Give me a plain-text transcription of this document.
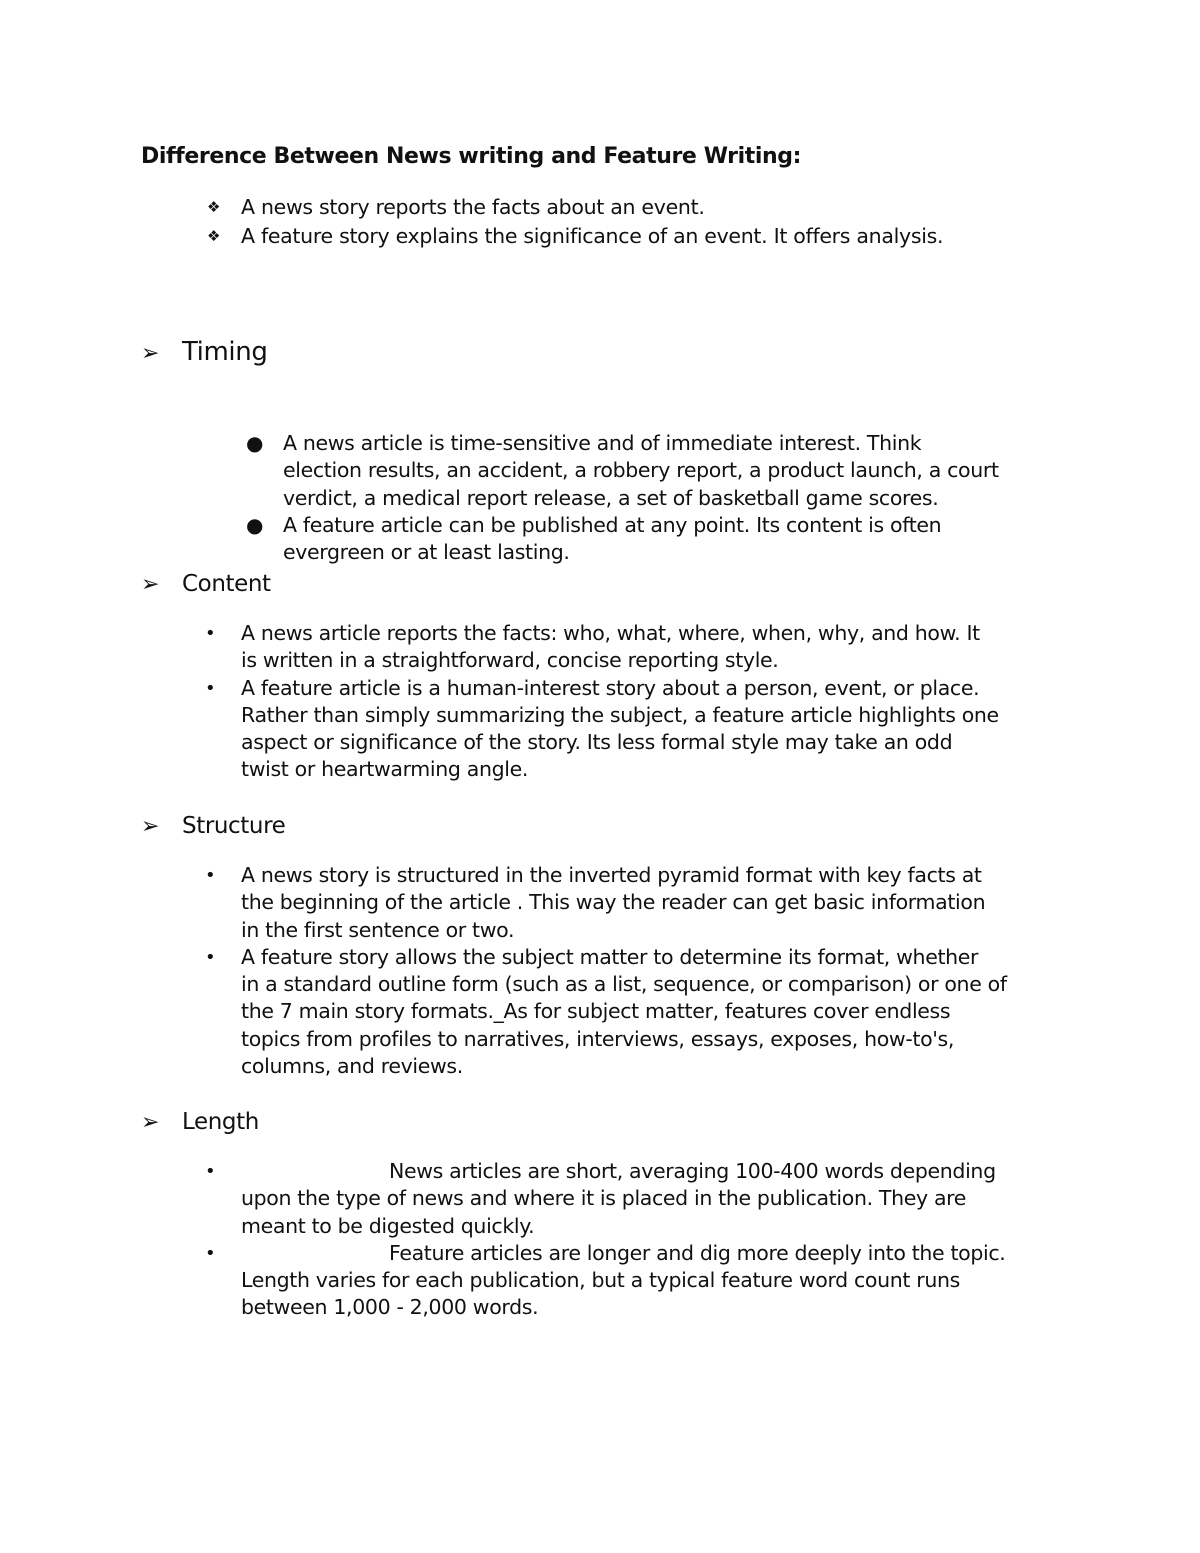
Difference Between News writing and Feature Writing:
❖ A news story reports the facts about an event.
❖ A feature story explains the significance of an event. It offers analysis.
➢ Timing
● A news article is time-sensitive and of immediate interest. Think
election results, an accident, a robbery report, a product launch, a court
verdict, a medical report release, a set of basketball game scores.
● A feature article can be published at any point. Its content is often
evergreen or at least lasting.
➢ Content
• A news article reports the facts: who, what, where, when, why, and how. It
is written in a straightforward, concise reporting style.
• A feature article is a human-interest story about a person, event, or place.
Rather than simply summarizing the subject, a feature article highlights one
aspect or significance of the story. Its less formal style may take an odd
twist or heartwarming angle.
➢ Structure
• A news story is structured in the inverted pyramid format with key facts at
the beginning of the article . This way the reader can get basic information
in the first sentence or two.
• A feature story allows the subject matter to determine its format, whether
in a standard outline form (such as a list, sequence, or comparison) or one of
the 7 main story formats._As for subject matter, features cover endless
topics from profiles to narratives, interviews, essays, exposes, how-to's,
columns, and reviews.
➢ Length
•	News articles are short, averaging 100-400 words depending
upon the type of news and where it is placed in the publication. They are
meant to be digested quickly.
•	Feature articles are longer and dig more deeply into the topic.
Length varies for each publication, but a typical feature word count runs
between 1,000 - 2,000 words.
